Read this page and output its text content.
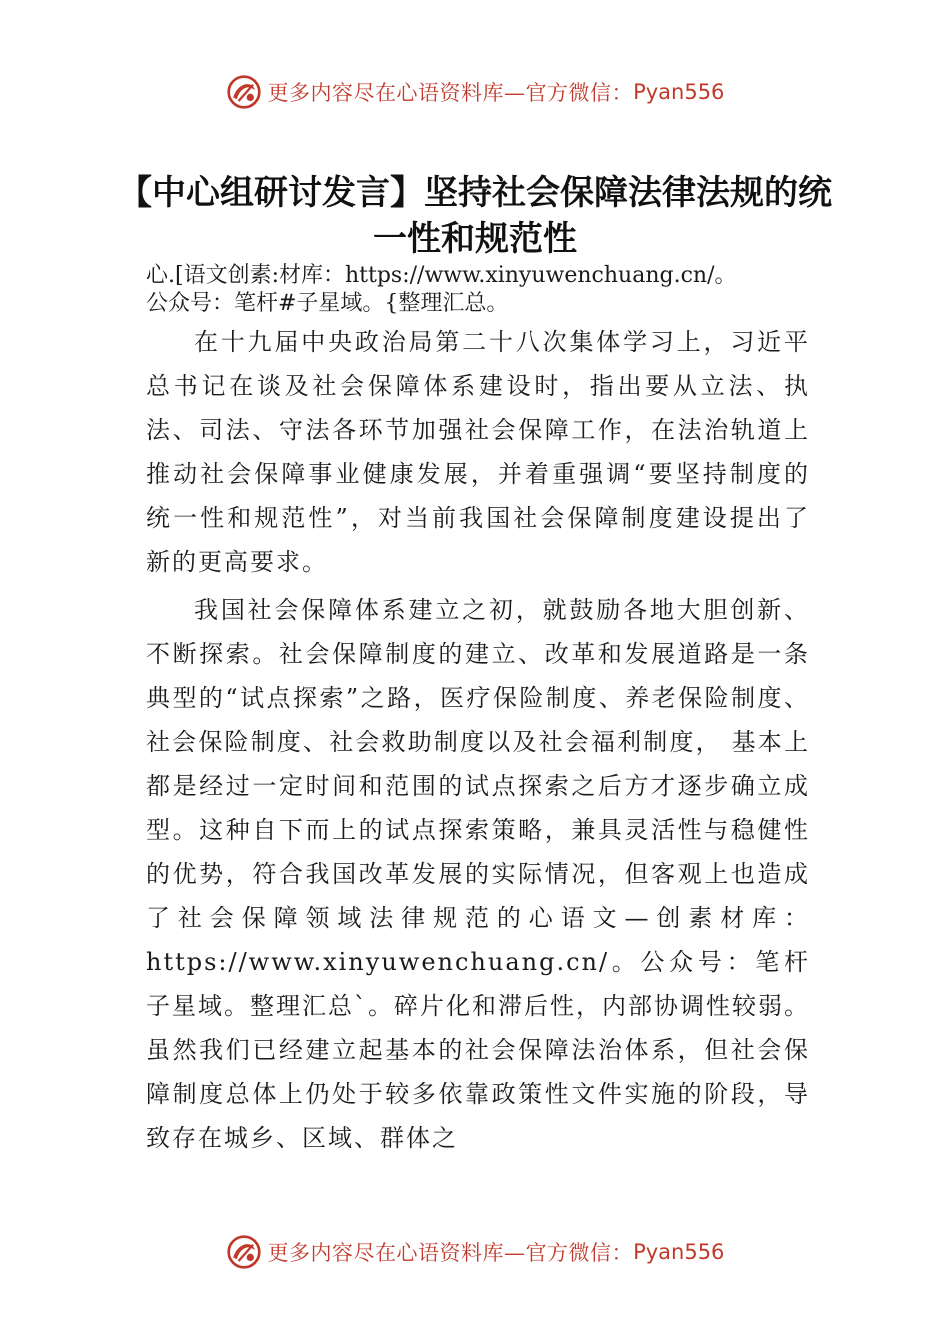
更多内容尽在心语资料库— 官方微信： Pyan556
【中心组研讨发言】坚持社会保障法律法规的统一性和规范性
心.[语文创素:材库：https://www.xinyuwenchuang.cn/。
公众号：笔杆#子星域。{整理汇总。

在十九届中央政治局第二十八次集体学习上，习近平总书记在谈及社会保障体系建设时，指出要从立法、执法、司法、守法各环节加强社会保障工作，在法治轨道上推动社会保障事业健康发展，并着重强调“要坚持制度的统一性和规范性”，对当前我国社会保障制度建设提出了新的更高要求。

我国社会保障体系建立之初，就鼓励各地大胆创新、不断探索。社会保障制度的建立、改革和发展道路是一条典型的“试点探索”之路，医疗保险制度、养老保险制度、社会保险制度、社会救助制度以及社会福利制度， 基本上都是经过一定时间和范围的试点探索之后方才逐步确立成型。这种自下而上的试点探索策略，兼具灵活性与稳健性的优势，符合我国改革发展的实际情况，但客观上也造成了社会保障领域法律规范的心语文—创素材库：https://www.xinyuwenchuang.cn/。公众号：笔杆子星域。整理汇总`。碎片化和滞后性，内部协调性较弱。虽然我们已经建立起基本的社会保障法治体系，但社会保障制度总体上仍处于较多依靠政策性文件实施的阶段，导致存在城乡、区域、群体之

更多内容尽在心语资料库— 官方微信： Pyan556
